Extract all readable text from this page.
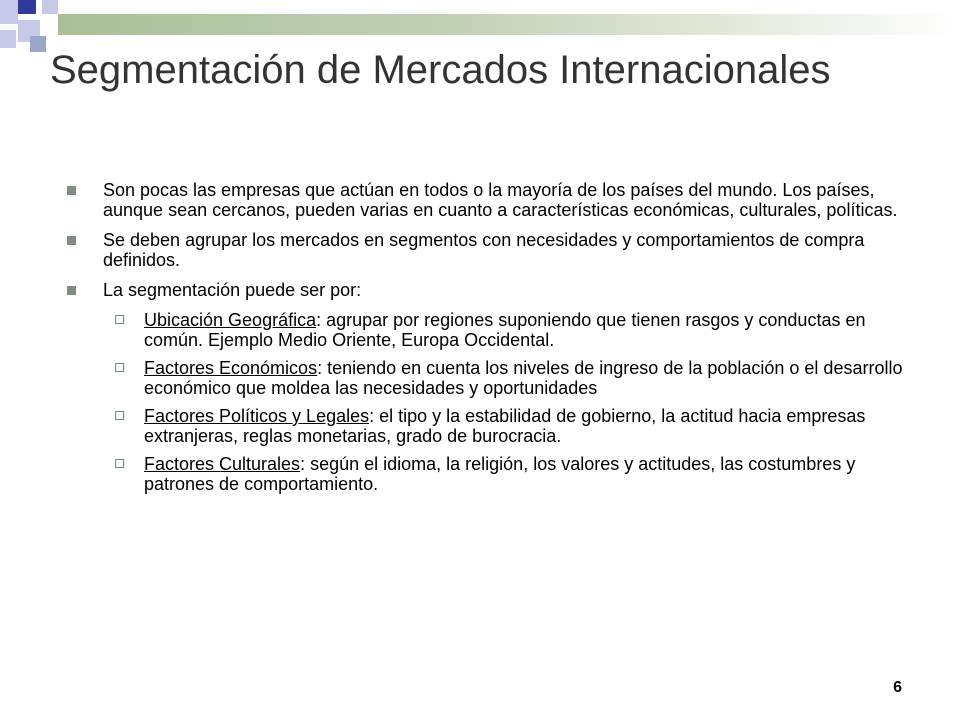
Segmentación de Mercados Internacionales
Son pocas las empresas que actúan en todos o la mayoría de los países del mundo. Los países, aunque sean cercanos, pueden varias en cuanto a características económicas, culturales, políticas.
Se deben agrupar los mercados en segmentos con necesidades y comportamientos de compra definidos.
La segmentación puede ser por:
Ubicación Geográfica: agrupar por regiones suponiendo que tienen rasgos y conductas en común. Ejemplo Medio Oriente, Europa Occidental.
Factores Económicos: teniendo en cuenta los niveles de ingreso de la población o el desarrollo económico que moldea las necesidades y oportunidades
Factores Políticos y Legales: el tipo y la estabilidad de gobierno, la actitud hacia empresas extranjeras, reglas monetarias, grado de burocracia.
Factores Culturales: según el idioma, la religión, los valores y actitudes, las costumbres y patrones de comportamiento.
6
